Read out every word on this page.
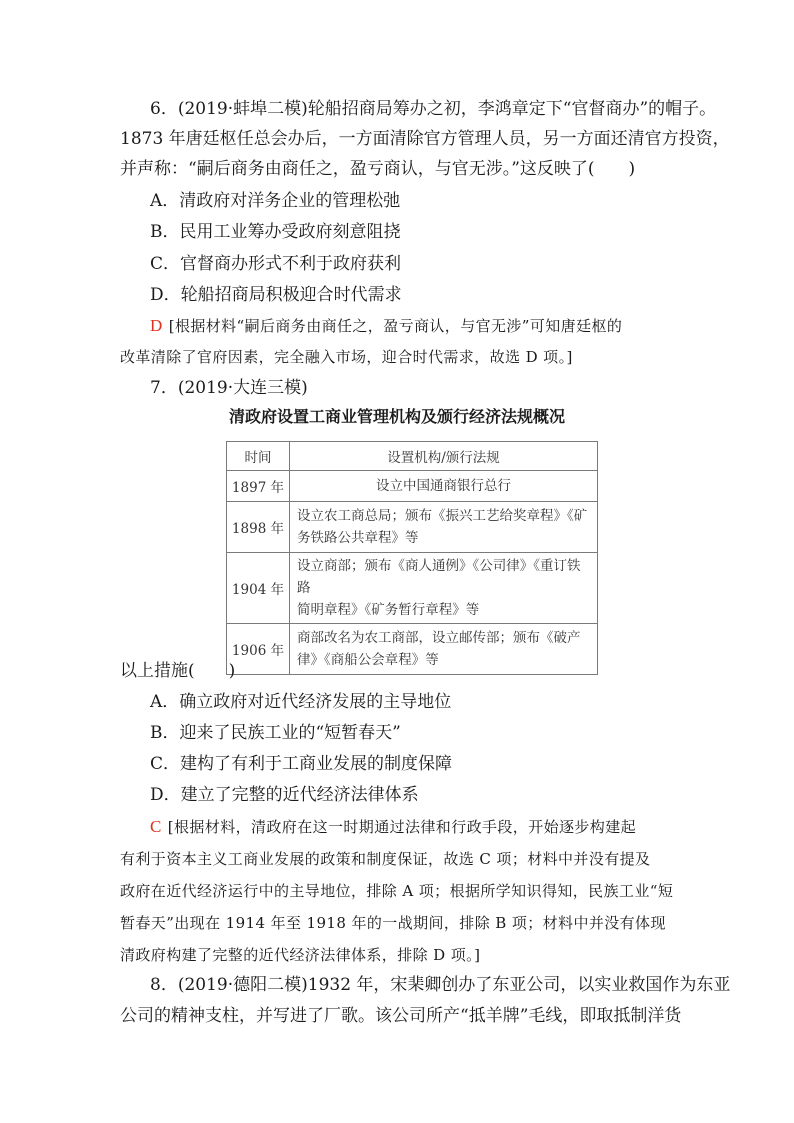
6．(2019·蚌埠二模)轮船招商局筹办之初，李鸿章定下“官督商办”的帽子。
1873 年唐廷枢任总会办后，一方面清除官方管理人员，另一方面还清官方投资，
并声称：“嗣后商务由商任之，盈亏商认，与官无涉。”这反映了(　　)
A．清政府对洋务企业的管理松弛
B．民用工业筹办受政府刻意阻挠
C．官督商办形式不利于政府获利
D．轮船招商局积极迎合时代需求
D [根据材料“嗣后商务由商任之，盈亏商认，与官无涉”可知唐廷枢的
改革清除了官府因素，完全融入市场，迎合时代需求，故选 D 项。]
7．(2019·大连三模)
清政府设置工商业管理机构及颁行经济法规概况
时间	设置机构/颁行法规
1897 年	设立中国通商银行总行
1898 年	设立农工商总局；颁布《振兴工艺给奖章程》《矿
务铁路公共章程》等
1904 年	设立商部；颁布《商人通例》《公司律》《重订铁路
简明章程》《矿务暂行章程》等
1906 年	商部改名为农工商部，设立邮传部；颁布《破产
律》《商船公会章程》等
以上措施(　　)
A．确立政府对近代经济发展的主导地位
B．迎来了民族工业的“短暂春天”
C．建构了有利于工商业发展的制度保障
D．建立了完整的近代经济法律体系
C [根据材料，清政府在这一时期通过法律和行政手段，开始逐步构建起
有利于资本主义工商业发展的政策和制度保证，故选 C 项；材料中并没有提及
政府在近代经济运行中的主导地位，排除 A 项；根据所学知识得知，民族工业“短
暂春天”出现在 1914 年至 1918 年的一战期间，排除 B 项；材料中并没有体现
清政府构建了完整的近代经济法律体系，排除 D 项。]
8．(2019·德阳二模)1932 年，宋棐卿创办了东亚公司，以实业救国作为东亚
公司的精神支柱，并写进了厂歌。该公司所产“抵羊牌”毛线，即取抵制洋货
